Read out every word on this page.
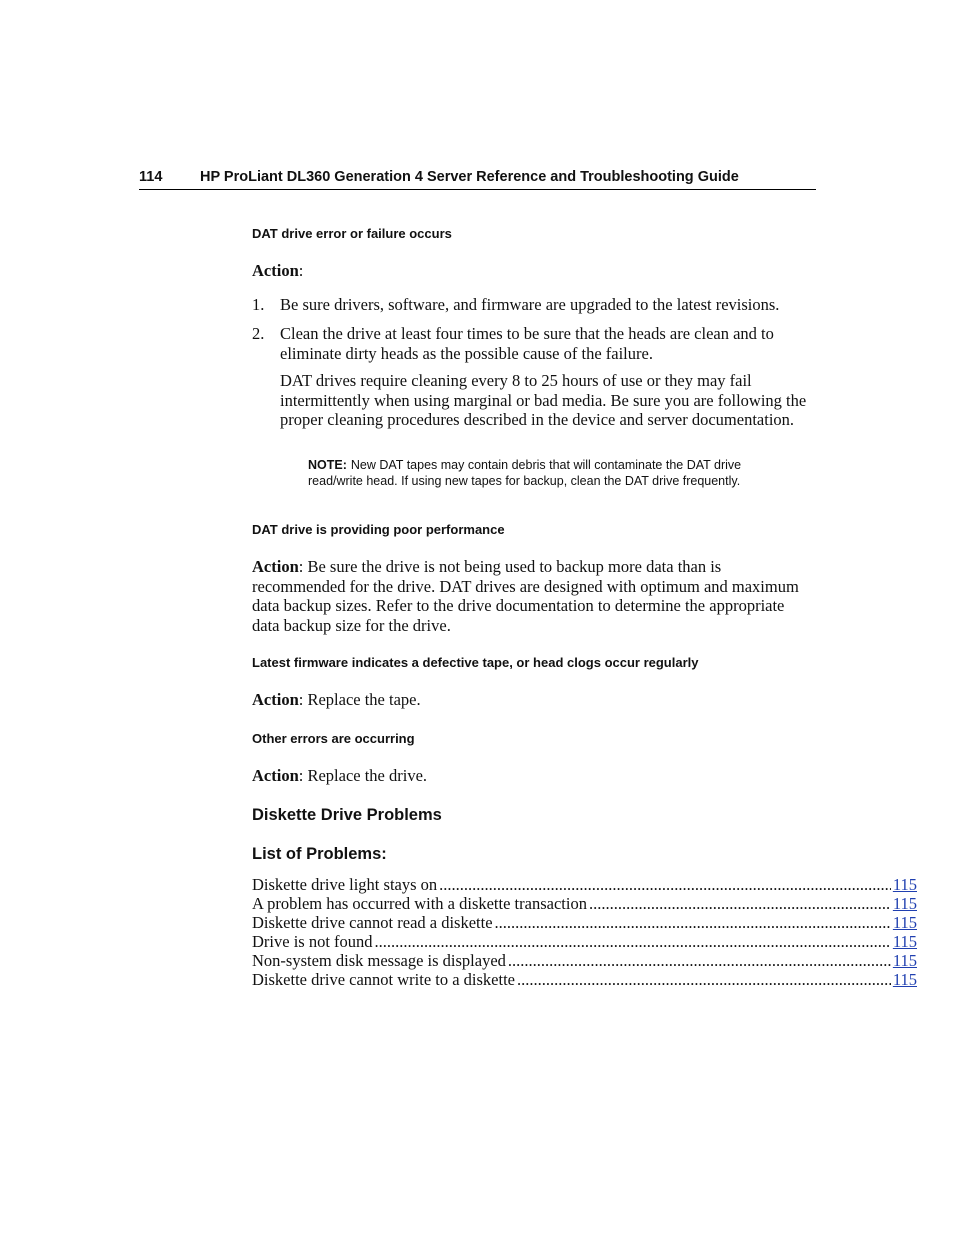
114	HP ProLiant DL360 Generation 4 Server Reference and Troubleshooting Guide
DAT drive error or failure occurs
Action:
1. Be sure drivers, software, and firmware are upgraded to the latest revisions.
2. Clean the drive at least four times to be sure that the heads are clean and to eliminate dirty heads as the possible cause of the failure.
DAT drives require cleaning every 8 to 25 hours of use or they may fail intermittently when using marginal or bad media. Be sure you are following the proper cleaning procedures described in the device and server documentation.
NOTE: New DAT tapes may contain debris that will contaminate the DAT drive read/write head. If using new tapes for backup, clean the DAT drive frequently.
DAT drive is providing poor performance
Action: Be sure the drive is not being used to backup more data than is recommended for the drive. DAT drives are designed with optimum and maximum data backup sizes. Refer to the drive documentation to determine the appropriate data backup size for the drive.
Latest firmware indicates a defective tape, or head clogs occur regularly
Action: Replace the tape.
Other errors are occurring
Action: Replace the drive.
Diskette Drive Problems
List of Problems:
Diskette drive light stays on .....	115
A problem has occurred with a diskette transaction .....	115
Diskette drive cannot read a diskette .....	115
Drive is not found .....	115
Non-system disk message is displayed .....	115
Diskette drive cannot write to a diskette .....	115
